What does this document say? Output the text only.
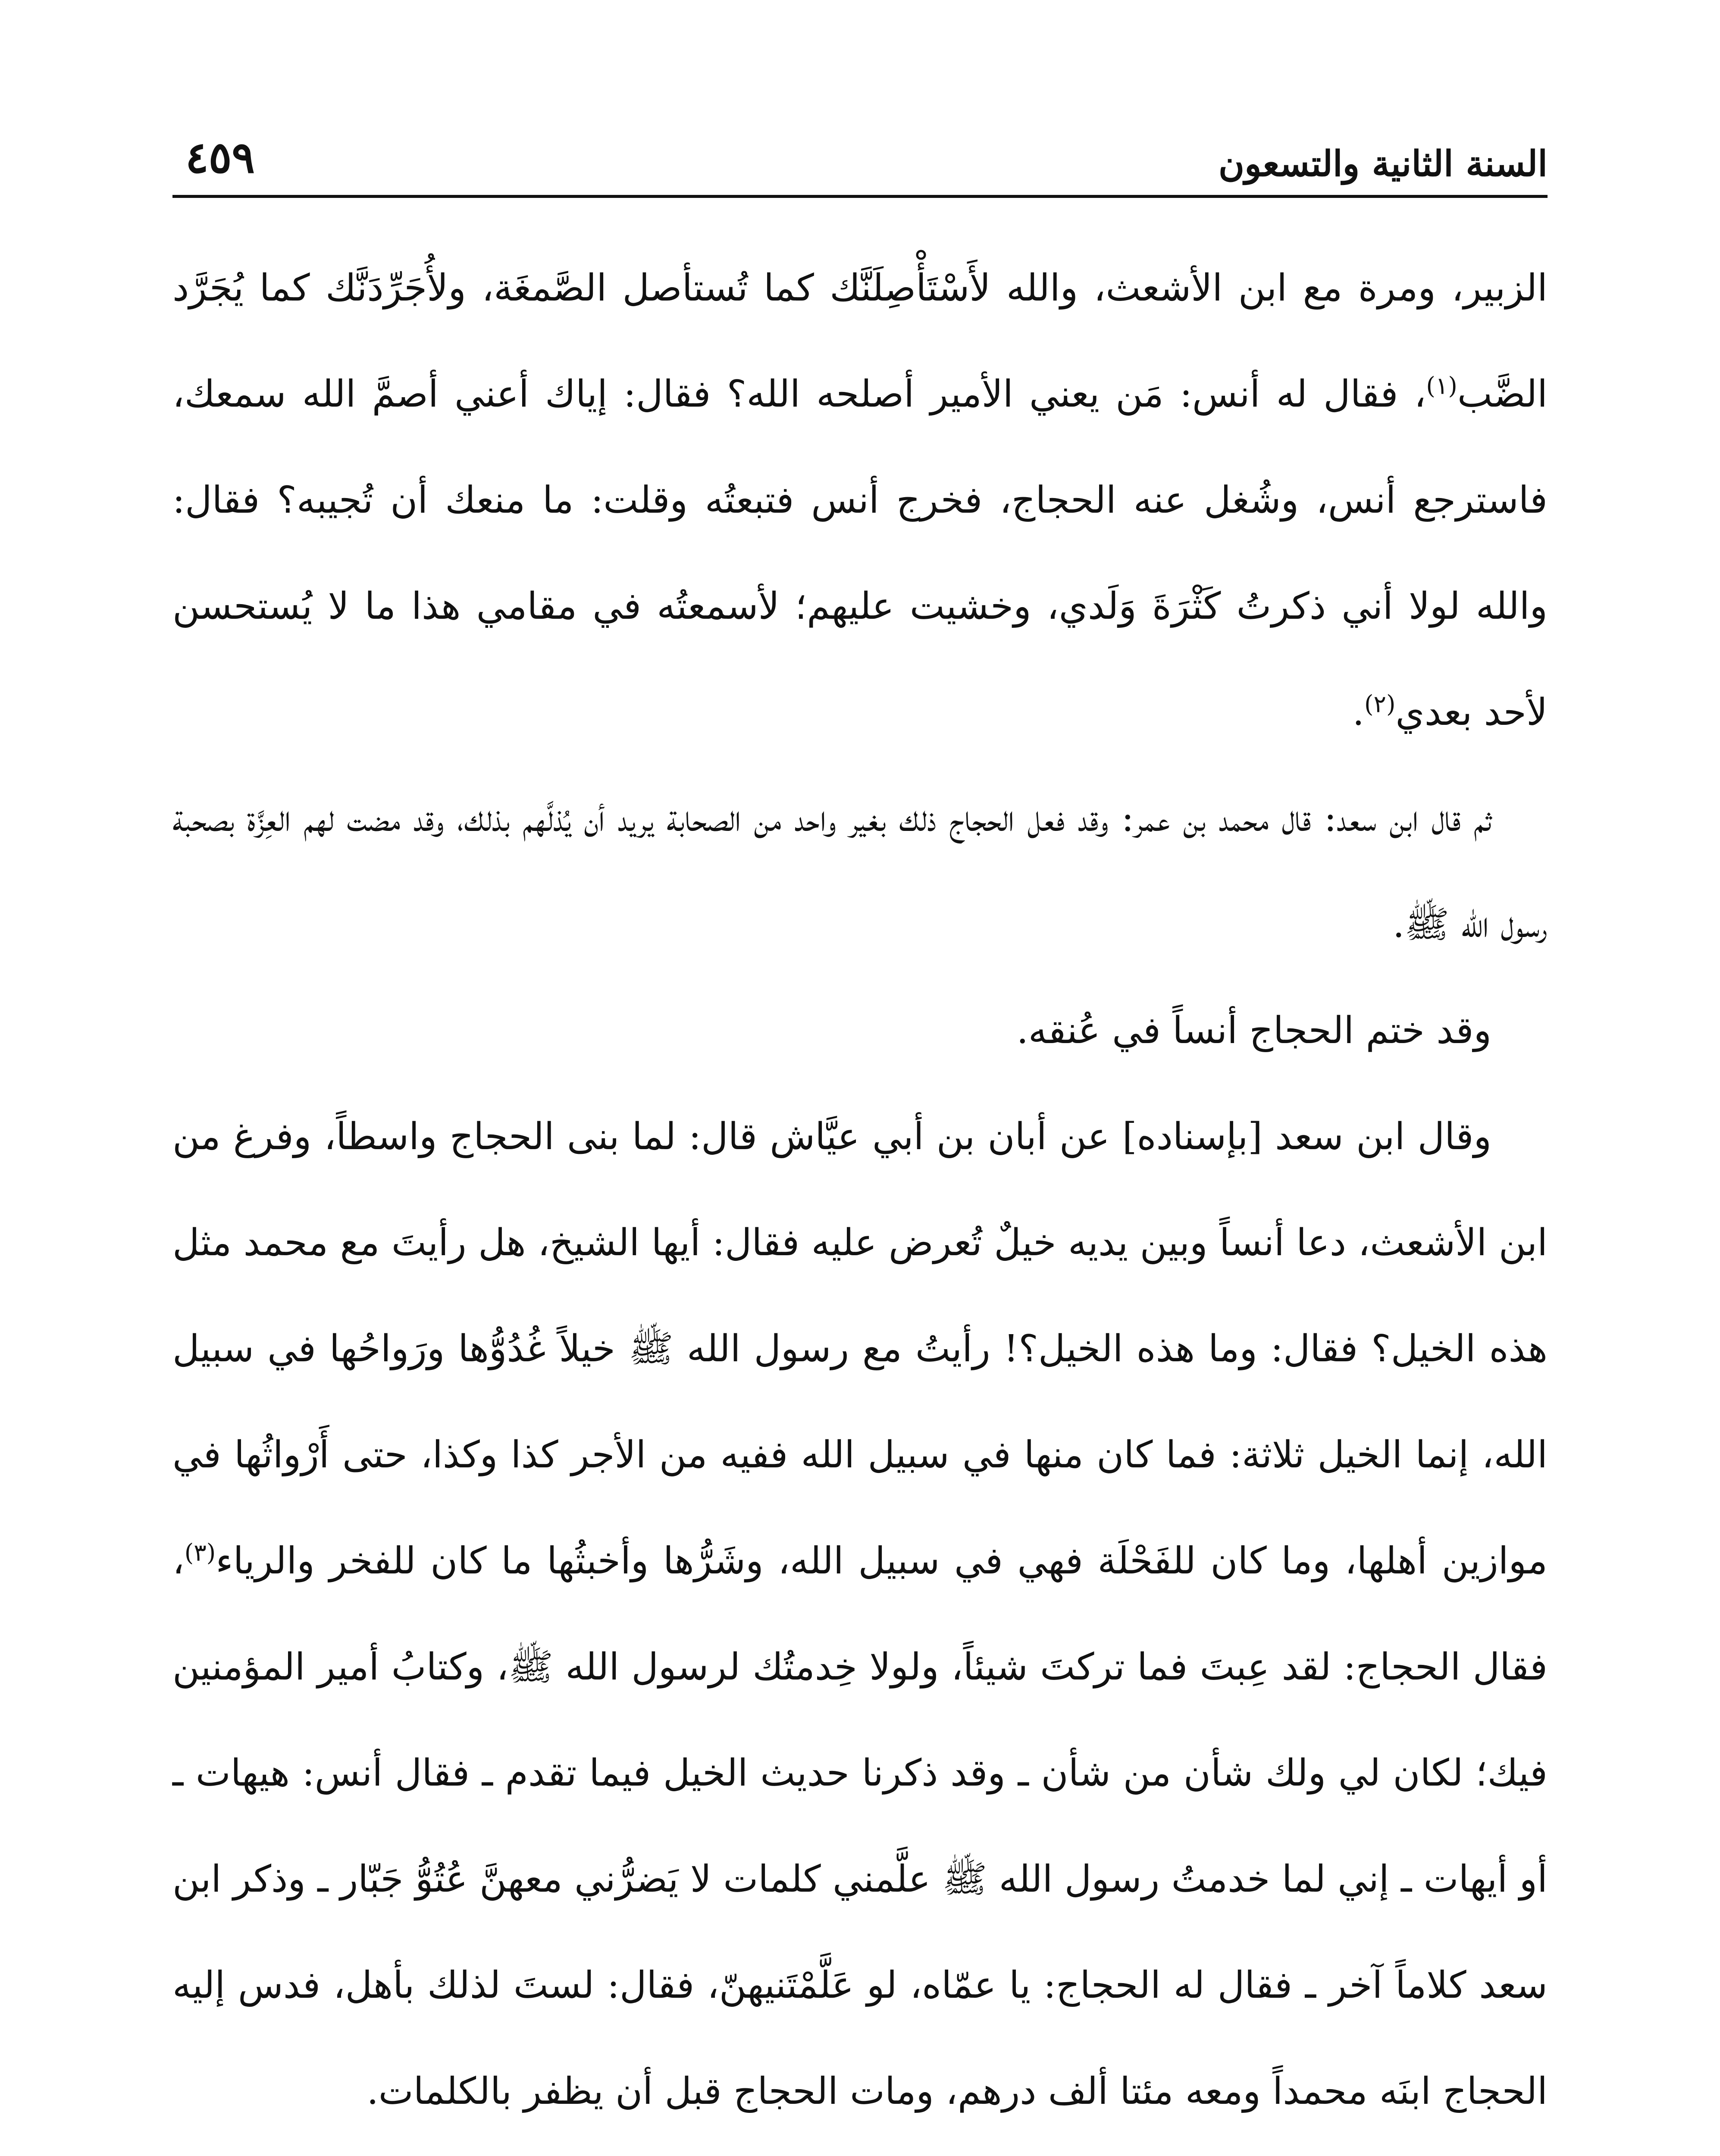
السنة الثانية والتسعون
٤٥٩

الزبير، ومرة مع ابن الأشعث، والله لأَسْتَأْصِلَنَّك كما تُستأصل الصَّمغَة، ولأُجَرِّدَنَّك كما يُجَرَّد الضَّب$^{(١)}$، فقال له أنس: مَن يعني الأمير أصلحه الله؟ فقال: إياك أعني أصمَّ الله سمعك، فاسترجع أنس، وشُغل عنه الحجاج، فخرج أنس فتبعتُه وقلت: ما منعك أن تُجيبه؟ فقال: والله لولا أني ذكرتُ كَثْرَةَ وَلَدي، وخشيت عليهم؛ لأسمعتُه في مقامي هذا ما لا يُستحسن لأحد بعدي$^{(٢)}$.

ثم قال ابن سعد: قال محمد بن عمر: وقد فعل الحجاج ذلك بغير واحد من الصحابة يريد أن يُذلَّهم بذلك، وقد مضت لهم العِزَّة بصحبة رسول الله ﷺ.

وقد ختم الحجاج أنساً في عُنقه.

وقال ابن سعد [بإسناده] عن أبان بن أبي عيَّاش قال: لما بنى الحجاج واسطاً، وفرغ من ابن الأشعث، دعا أنساً وبين يديه خيلٌ تُعرض عليه فقال: أيها الشيخ، هل رأيتَ مع محمد مثل هذه الخيل؟ فقال: وما هذه الخيل؟! رأيتُ مع رسول الله ﷺ خيلاً غُدُوُّها ورَواحُها في سبيل الله، إنما الخيل ثلاثة: فما كان منها في سبيل الله ففيه من الأجر كذا وكذا، حتى أَرْواثُها في موازين أهلها، وما كان للفَحْلَة فهي في سبيل الله، وشَرُّها وأخبثُها ما كان للفخر والرياء$^{(٣)}$، فقال الحجاج: لقد عِبتَ فما تركتَ شيئاً، ولولا خِدمتُك لرسول الله ﷺ، وكتابُ أمير المؤمنين فيك؛ لكان لي ولك شأن من شأن ـ وقد ذكرنا حديث الخيل فيما تقدم ـ فقال أنس: هيهات ـ أو أيهات ـ إني لما خدمتُ رسول الله ﷺ علَّمني كلمات لا يَضرُّني معهنَّ عُتُوُّ جَبّار ـ وذكر ابن سعد كلاماً آخر ـ فقال له الحجاج: يا عمّاه، لو عَلَّمْتَنيهنّ، فقال: لستَ لذلك بأهل، فدس إليه الحجاج ابنَه محمداً ومعه مئتا ألف درهم، ومات الحجاج قبل أن يظفر بالكلمات.
